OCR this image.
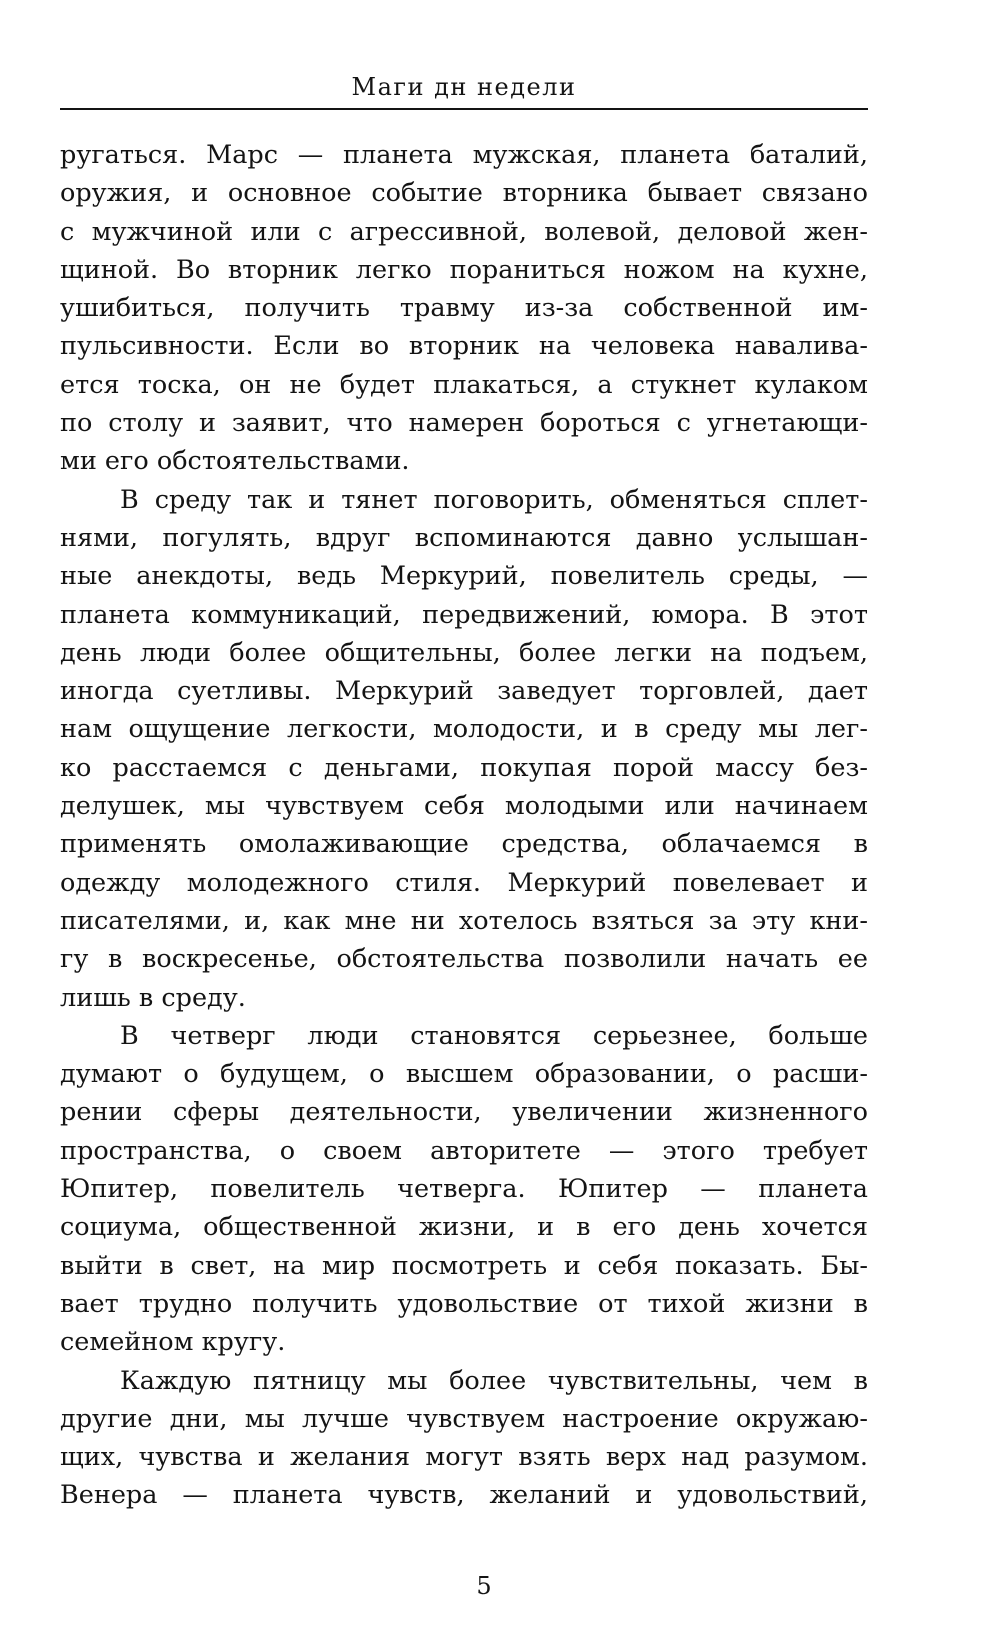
Маги дн недели
ругаться. Марс — планета мужская, планета баталий,
оружия, и основное событие вторника бывает связано
с мужчиной или с агрессивной, волевой, деловой жен-
щиной. Во вторник легко пораниться ножом на кухне,
ушибиться, получить травму из-за собственной им-
пульсивности. Если во вторник на человека наваливa-
ется тоска, он не будет плакаться, а стукнет кулаком
по столу и заявит, что намерен бороться с угнетающи-
ми его обстоятельствами.
В среду так и тянет поговорить, обменяться сплет-
нями, погулять, вдруг вспоминаются давно услышан-
ные анекдоты, ведь Меркурий, повелитель среды, —
планета коммуникаций, передвижений, юмора. В этот
день люди более общительны, более легки на подъем,
иногда суетливы. Меркурий заведует торговлей, дает
нам ощущение легкости, молодости, и в среду мы лег-
ко расстаемся с деньгами, покупая порой массу без-
делушек, мы чувствуем себя молодыми или начинаем
применять омолаживающие средства, облачаемся в
одежду молодежного стиля. Меркурий повелевает и
писателями, и, как мне ни хотелось взяться за эту кни-
гу в воскресенье, обстоятельства позволили начать ее
лишь в среду.
В четверг люди становятся серьезнее, больше
думают о будущем, о высшем образовании, о расши-
рении сферы деятельности, увеличении жизненного
пространства, о своем авторитете — этого требует
Юпитер, повелитель четверга. Юпитер — планета
социума, общественной жизни, и в его день хочется
выйти в свет, на мир посмотреть и себя показать. Бы-
вает трудно получить удовольствие от тихой жизни в
семейном кругу.
Каждую пятницу мы более чувствительны, чем в
другие дни, мы лучше чувствуем настроение окружаю-
щих, чувства и желания могут взять верх над разумом.
Венера — планета чувств, желаний и удовольствий,
5
